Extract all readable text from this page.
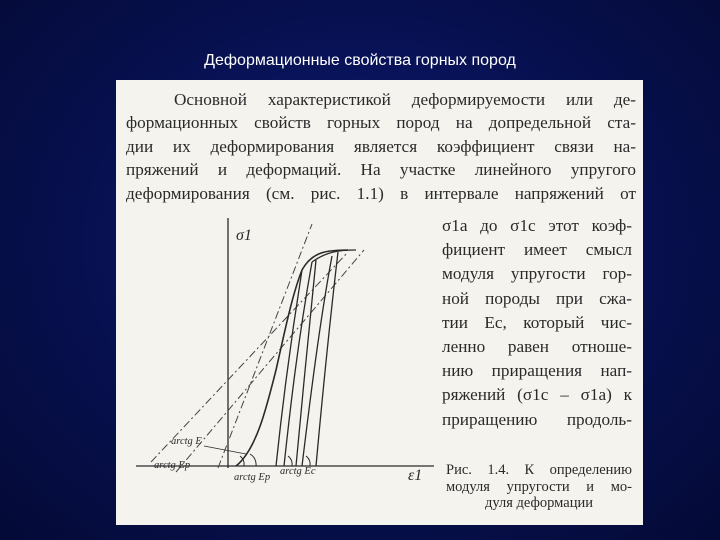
Деформационные свойства горных пород
Основной характеристикой деформируемости или де-
формационных свойств горных пород на допредельной ста-
дии их деформирования является коэффициент связи на-
пряжений и деформаций. На участке линейного упругого
деформирования (см. рис. 1.1) в интервале напряжений от
σ1a до σ1c этот коэф-
фициент имеет смысл
модуля упругости гор-
ной породы при сжа-
тии Ec, который чис-
ленно равен отноше-
нию приращения нап-
ряжений (σ1c – σ1a) к
приращению продоль-
σ1
ε1
arctg E
arctg Ep
arctg Ep
arctg Ec	Рис. 1.4. К определению
модуля упругости и мо-
дуля деформации
